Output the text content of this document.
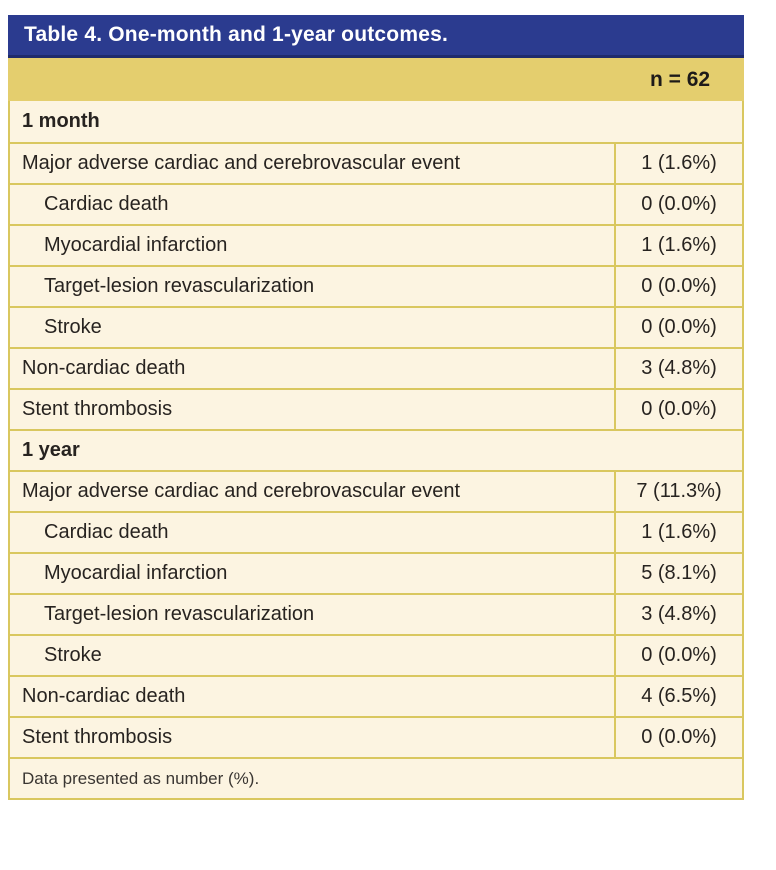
Table 4. One-month and 1-year outcomes.
n = 62
1 month
Major adverse cardiac and cerebrovascular event	1 (1.6%)
Cardiac death	0 (0.0%)
Myocardial infarction	1 (1.6%)
Target-lesion revascularization	0 (0.0%)
Stroke	0 (0.0%)
Non-cardiac death	3 (4.8%)
Stent thrombosis	0 (0.0%)
1 year
Major adverse cardiac and cerebrovascular event	7 (11.3%)
Cardiac death	1 (1.6%)
Myocardial infarction	5 (8.1%)
Target-lesion revascularization	3 (4.8%)
Stroke	0 (0.0%)
Non-cardiac death	4 (6.5%)
Stent thrombosis	0 (0.0%)
Data presented as number (%).
